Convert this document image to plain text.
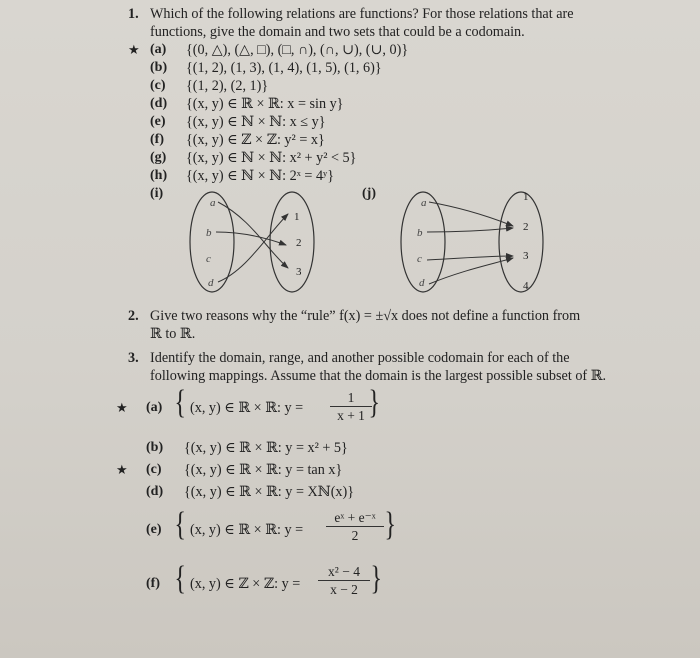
1. Which of the following relations are functions? For those relations that are
functions, give the domain and two sets that could be a codomain.
★ (a) {(0, △), (△, □), (□, ∩), (∩, ∪), (∪, 0)}
(b) {(1, 2), (1, 3), (1, 4), (1, 5), (1, 6)}
(c) {(1, 2), (2, 1)}
(d) {(x, y) ∈ ℝ × ℝ: x = sin y}
(e) {(x, y) ∈ ℕ × ℕ: x ≤ y}
(f) {(x, y) ∈ ℤ × ℤ: y² = x}
(g) {(x, y) ∈ ℕ × ℕ: x² + y² < 5}
(h) {(x, y) ∈ ℕ × ℕ: 2ˣ = 4ʸ}
(i)	(j)
a
b
c
d
1
2
3
a
b
c
d
1
2
3
4
2. Give two reasons why the “rule” f(x) = ±√x does not define a function from
ℝ to ℝ.
3. Identify the domain, range, and another possible codomain for each of the
following mappings. Assume that the domain is the largest possible subset of ℝ.
★ (a) { (x, y) ∈ ℝ × ℝ: y =
1
x + 1 }
(b) {(x, y) ∈ ℝ × ℝ: y = x² + 5}
★ (c) {(x, y) ∈ ℝ × ℝ: y = tan x}
(d) {(x, y) ∈ ℝ × ℝ: y = Χℕ(x)}
(e) { (x, y) ∈ ℝ × ℝ: y =
eˣ + e⁻ˣ
2 }
(f) { (x, y) ∈ ℤ × ℤ: y =
x² − 4
x − 2 }
